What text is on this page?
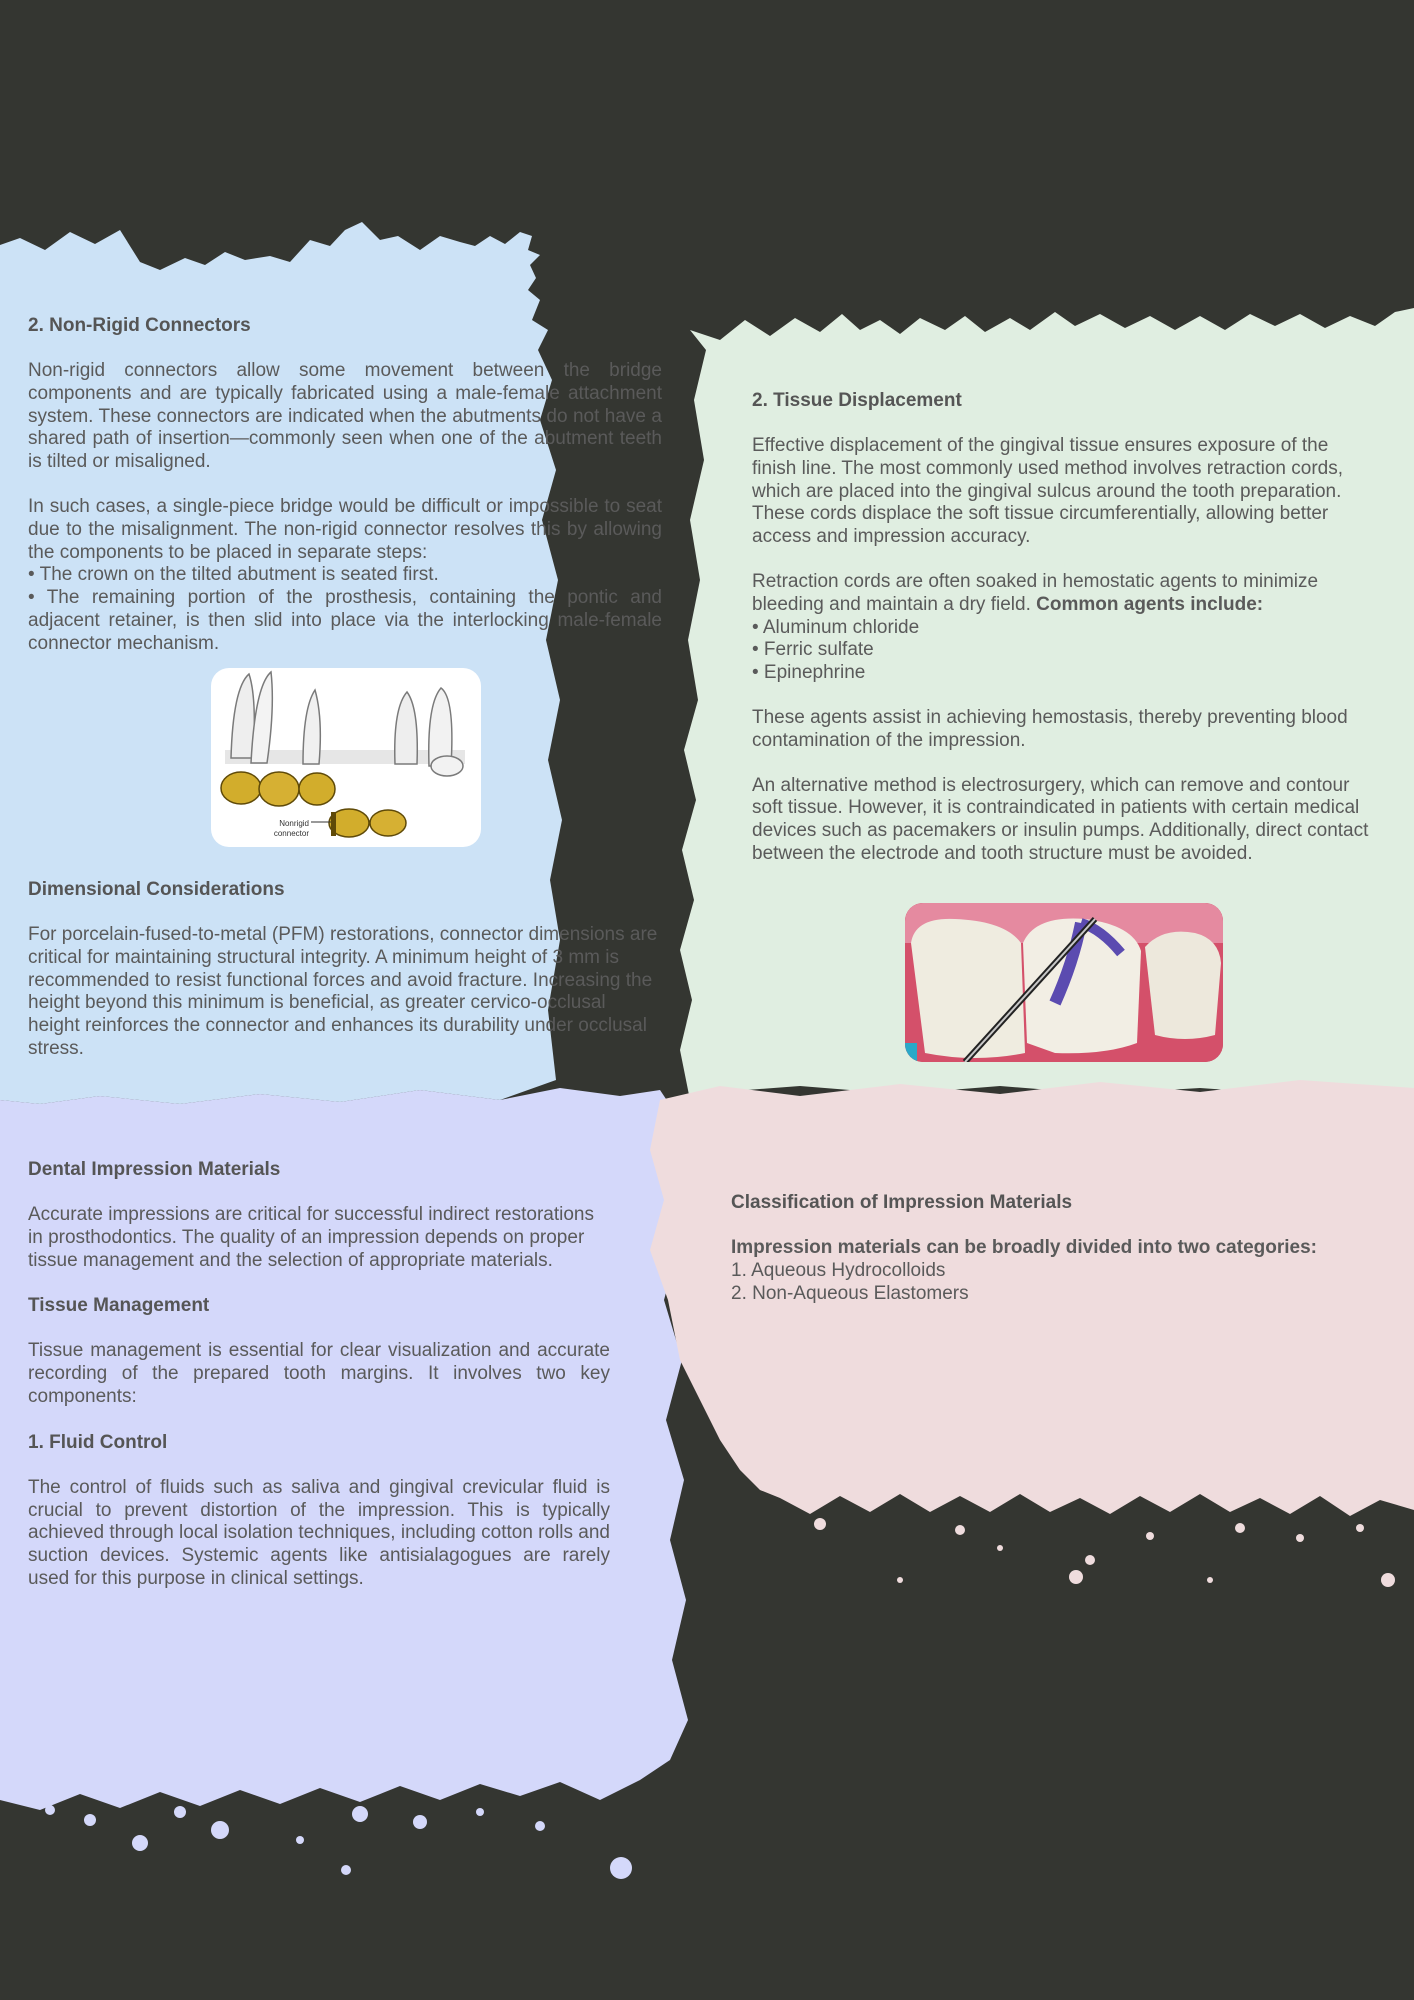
2. Non-Rigid Connectors

Non-rigid connectors allow some movement between the bridge components and are typically fabricated using a male-female attachment system. These connectors are indicated when the abutments do not have a shared path of insertion—commonly seen when one of the abutment teeth is tilted or misaligned.

In such cases, a single-piece bridge would be difficult or impossible to seat due to the misalignment. The non-rigid connector resolves this by allowing the components to be placed in separate steps:

• The crown on the tilted abutment is seated first.
• The remaining portion of the prosthesis, containing the pontic and adjacent retainer, is then slid into place via the interlocking male-female connector mechanism.
Nonrigid
connector
Dimensional Considerations

For porcelain-fused-to-metal (PFM) restorations, connector dimensions are critical for maintaining structural integrity. A minimum height of 3 mm is recommended to resist functional forces and avoid fracture. Increasing the height beyond this minimum is beneficial, as greater cervico-occlusal height reinforces the connector and enhances its durability under occlusal stress.

2. Tissue Displacement

Effective displacement of the gingival tissue ensures exposure of the finish line. The most commonly used method involves retraction cords, which are placed into the gingival sulcus around the tooth preparation. These cords displace the soft tissue circumferentially, allowing better access and impression accuracy.

Retraction cords are often soaked in hemostatic agents to minimize bleeding and maintain a dry field. Common agents include:

• Aluminum chloride
• Ferric sulfate
• Epinephrine

These agents assist in achieving hemostasis, thereby preventing blood contamination of the impression.

An alternative method is electrosurgery, which can remove and contour soft tissue. However, it is contraindicated in patients with certain medical devices such as pacemakers or insulin pumps. Additionally, direct contact between the electrode and tooth structure must be avoided.

Dental Impression Materials

Accurate impressions are critical for successful indirect restorations in prosthodontics. The quality of an impression depends on proper tissue management and the selection of appropriate materials.

Tissue Management

Tissue management is essential for clear visualization and accurate recording of the prepared tooth margins. It involves two key components:

1. Fluid Control

The control of fluids such as saliva and gingival crevicular fluid is crucial to prevent distortion of the impression. This is typically achieved through local isolation techniques, including cotton rolls and suction devices. Systemic agents like antisialagogues are rarely used for this purpose in clinical settings.

Classification of Impression Materials
Impression materials can be broadly divided into two categories:
1. Aqueous Hydrocolloids
2. Non-Aqueous Elastomers
